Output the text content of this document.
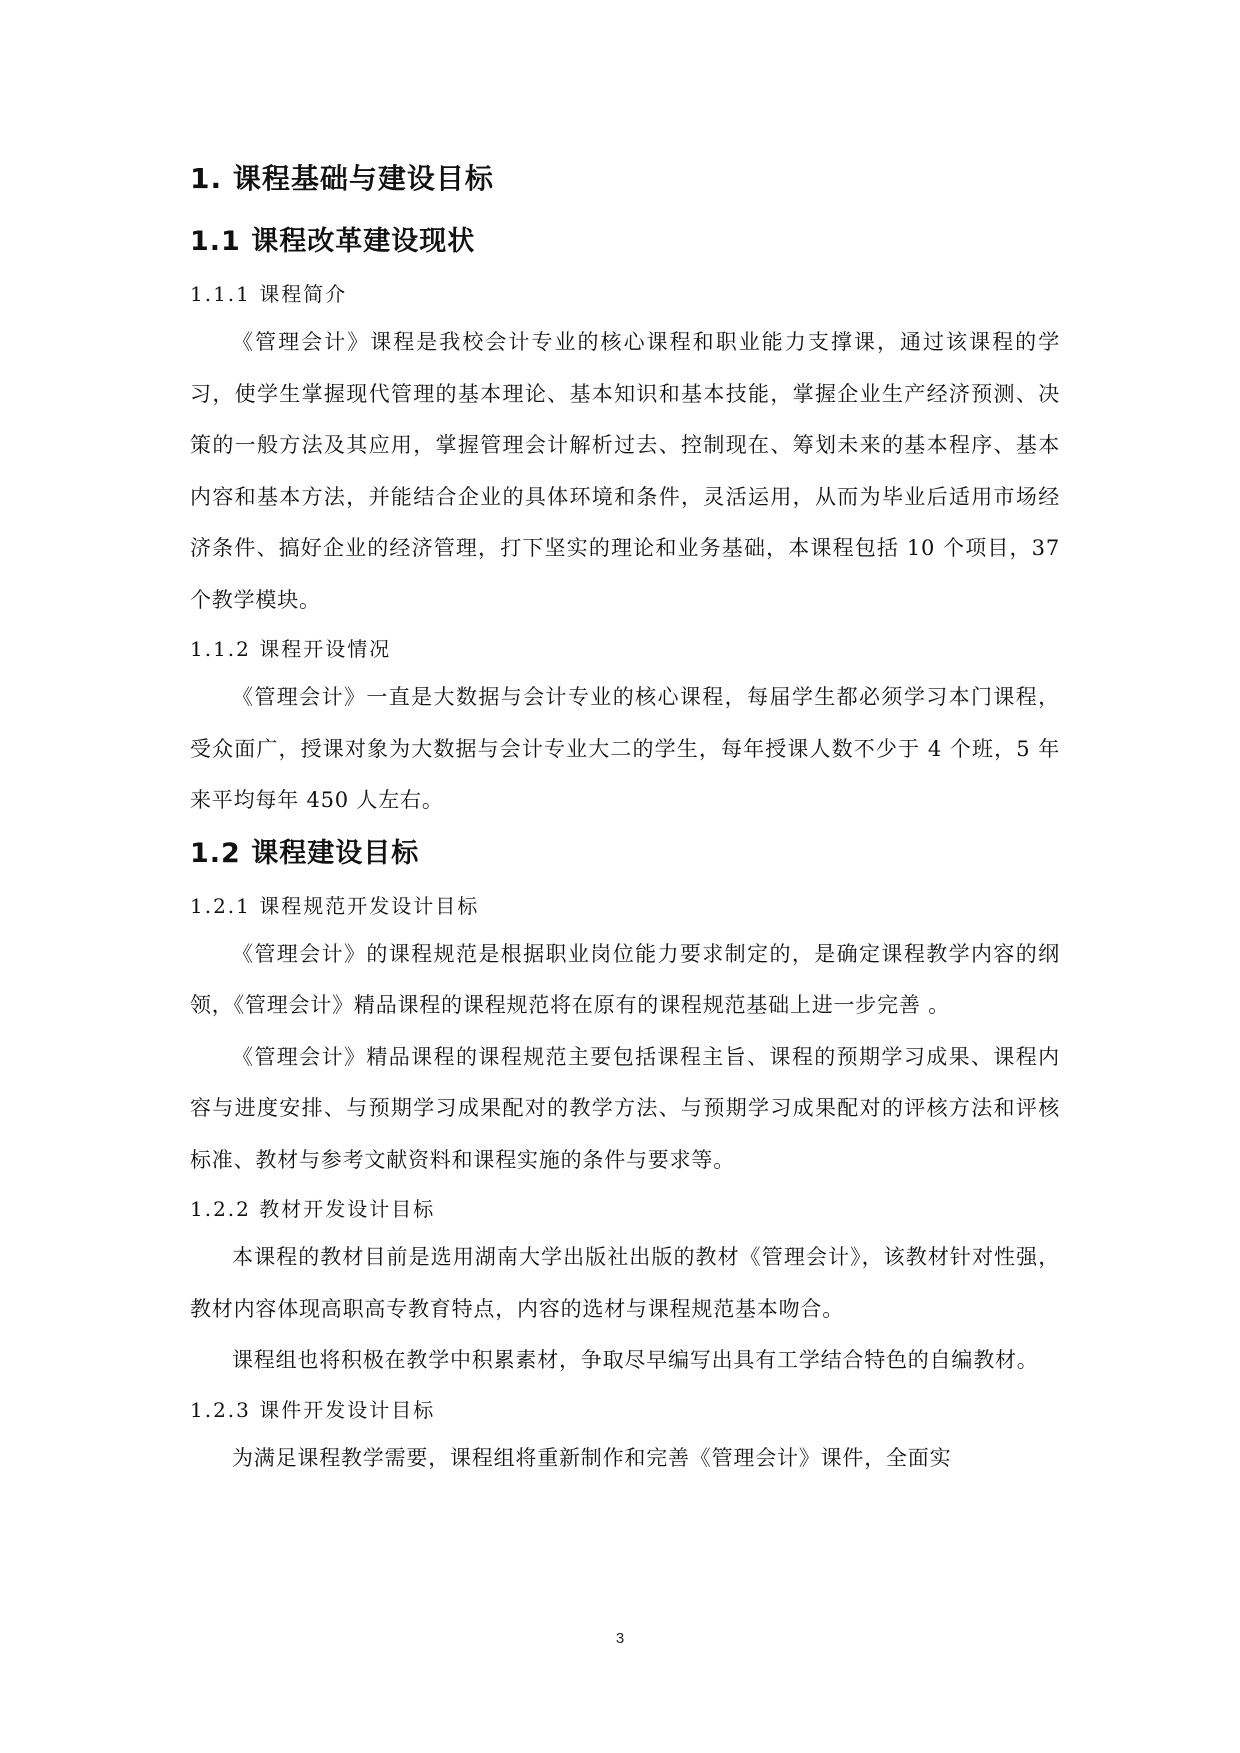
1. 课程基础与建设目标
1.1 课程改革建设现状
1.1.1 课程简介

《管理会计》课程是我校会计专业的核心课程和职业能力支撑课，通过该课程的学习，使学生掌握现代管理的基本理论、基本知识和基本技能，掌握企业生产经济预测、决策的一般方法及其应用，掌握管理会计解析过去、控制现在、筹划未来的基本程序、基本内容和基本方法，并能结合企业的具体环境和条件，灵活运用，从而为毕业后适用市场经济条件、搞好企业的经济管理，打下坚实的理论和业务基础，本课程包括 10 个项目，37 个教学模块。

1.1.2 课程开设情况

《管理会计》一直是大数据与会计专业的核心课程，每届学生都必须学习本门课程，受众面广，授课对象为大数据与会计专业大二的学生，每年授课人数不少于 4 个班，5 年来平均每年 450 人左右。

1.2 课程建设目标
1.2.1 课程规范开发设计目标

《管理会计》的课程规范是根据职业岗位能力要求制定的，是确定课程教学内容的纲领，《管理会计》精品课程的课程规范将在原有的课程规范基础上进一步完善 。

《管理会计》精品课程的课程规范主要包括课程主旨、课程的预期学习成果、课程内容与进度安排、与预期学习成果配对的教学方法、与预期学习成果配对的评核方法和评核标准、教材与参考文献资料和课程实施的条件与要求等。

1.2.2 教材开发设计目标

本课程的教材目前是选用湖南大学出版社出版的教材《管理会计》，该教材针对性强，教材内容体现高职高专教育特点，内容的选材与课程规范基本吻合。

课程组也将积极在教学中积累素材，争取尽早编写出具有工学结合特色的自编教材。

1.2.3 课件开发设计目标

为满足课程教学需要，课程组将重新制作和完善《管理会计》课件，全面实

3
